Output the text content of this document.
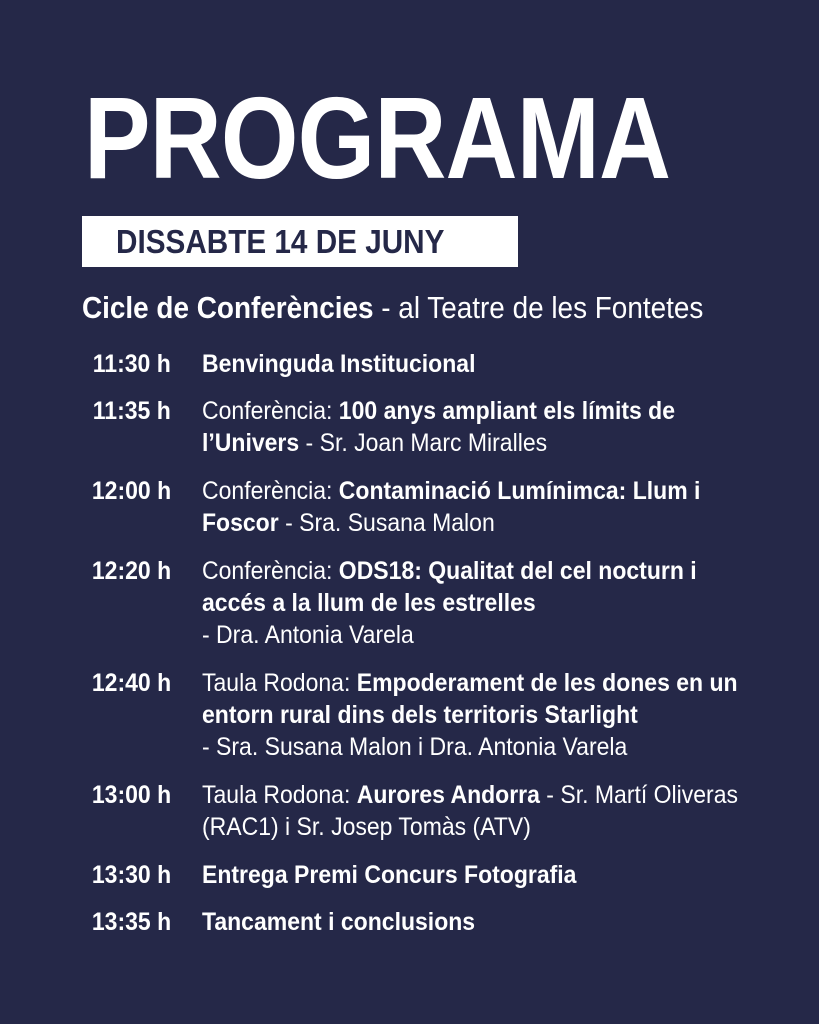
PROGRAMA
DISSABTE 14 DE JUNY
Cicle de Conferències - al Teatre de les Fontetes
11:30 h Benvinguda Institucional
11:35 h Conferència: 100 anys ampliant els límits de l’Univers - Sr. Joan Marc Miralles
12:00 h Conferència: Contaminació Lumínimca: Llum i Foscor - Sra. Susana Malon
12:20 h Conferència: ODS18: Qualitat del cel nocturn i accés a la llum de les estrelles
- Dra. Antonia Varela
12:40 h Taula Rodona: Empoderament de les dones en un entorn rural dins dels territoris Starlight
- Sra. Susana Malon i Dra. Antonia Varela
13:00 h Taula Rodona: Aurores Andorra - Sr. Martí Oliveras (RAC1) i Sr. Josep Tomàs (ATV)
13:30 h Entrega Premi Concurs Fotografia
13:35 h Tancament i conclusions
